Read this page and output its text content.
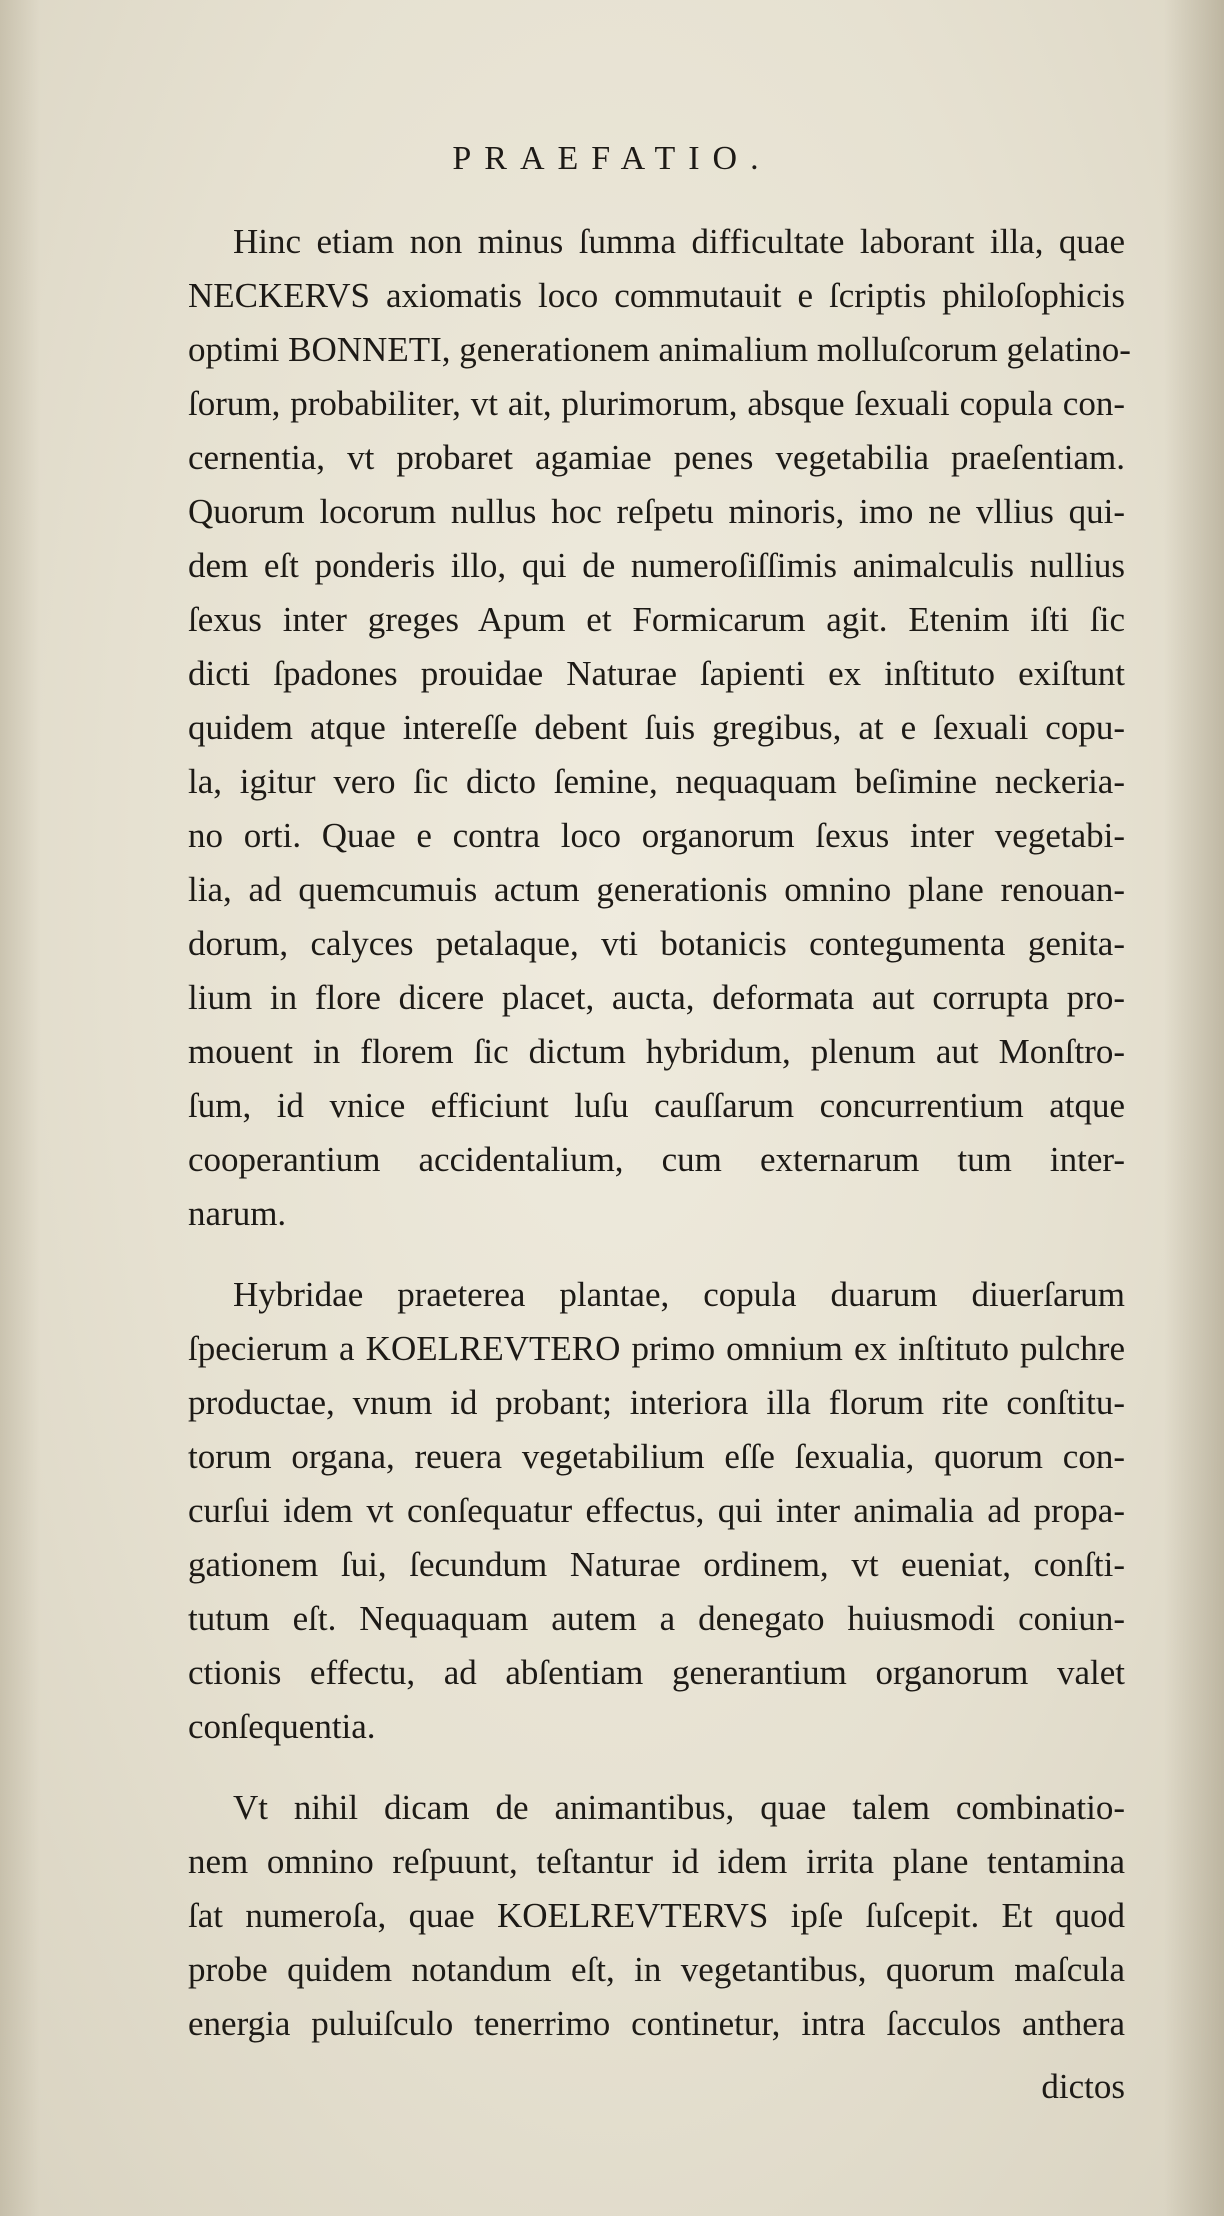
PRAEFATIO.
Hinc etiam non minus ſumma difficultate laborant illa, quae
NECKERVS axiomatis loco commutauit e ſcriptis philoſophicis
optimi BONNETI, generationem animalium molluſcorum gelatino-
ſorum, probabiliter, vt ait, plurimorum, absque ſexuali copula con-
cernentia, vt probaret agamiae penes vegetabilia praeſentiam.
Quorum locorum nullus hoc reſpetu minoris, imo ne vllius qui-
dem eſt ponderis illo, qui de numeroſiſſimis animalculis nullius
ſexus inter greges Apum et Formicarum agit. Etenim iſti ſic
dicti ſpadones prouidae Naturae ſapienti ex inſtituto exiſtunt
quidem atque intereſſe debent ſuis gregibus, at e ſexuali copu-
la, igitur vero ſic dicto ſemine, nequaquam beſimine neckeria-
no orti. Quae e contra loco organorum ſexus inter vegetabi-
lia, ad quemcumuis actum generationis omnino plane renouan-
dorum, calyces petalaque, vti botanicis contegumenta genita-
lium in flore dicere placet, aucta, deformata aut corrupta pro-
mouent in florem ſic dictum hybridum, plenum aut Monſtro-
ſum, id vnice efficiunt luſu cauſſarum concurrentium atque
cooperantium accidentalium, cum externarum tum inter-
narum.
Hybridae praeterea plantae, copula duarum diuerſarum
ſpecierum a KOELREVTERO primo omnium ex inſtituto pulchre
productae, vnum id probant; interiora illa florum rite conſtitu-
torum organa, reuera vegetabilium eſſe ſexualia, quorum con-
curſui idem vt conſequatur effectus, qui inter animalia ad propa-
gationem ſui, ſecundum Naturae ordinem, vt eueniat, conſti-
tutum eſt. Nequaquam autem a denegato huiusmodi coniun-
ctionis effectu, ad abſentiam generantium organorum valet
conſequentia.
Vt nihil dicam de animantibus, quae talem combinatio-
nem omnino reſpuunt, teſtantur id idem irrita plane tentamina
ſat numeroſa, quae KOELREVTERVS ipſe ſuſcepit. Et quod
probe quidem notandum eſt, in vegetantibus, quorum maſcula
energia puluiſculo tenerrimo continetur, intra ſacculos anthera
dictos
